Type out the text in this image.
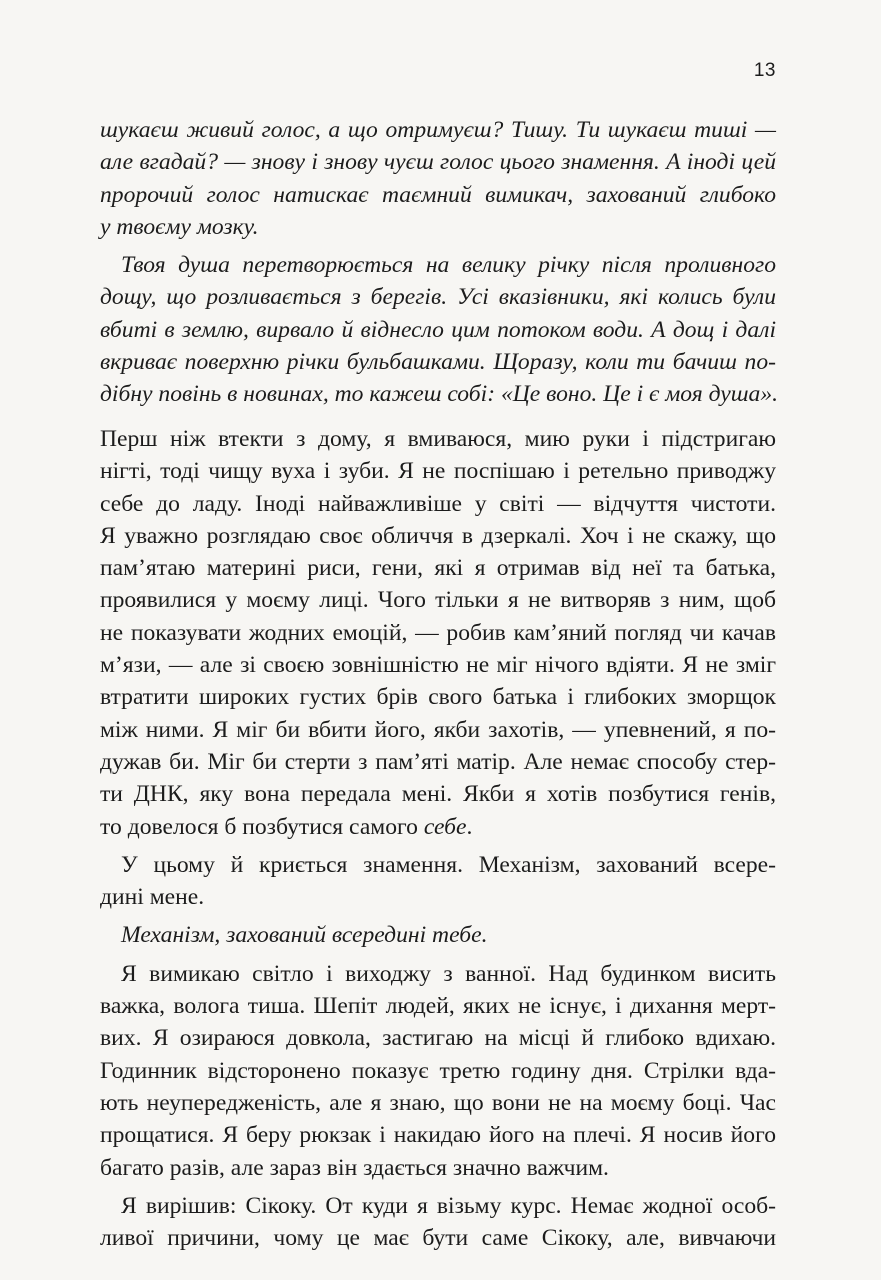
13

шукаєш живий голос, а що отримуєш? Тишу. Ти шукаєш тиші —
але вгадай? — знову і знову чуєш голос цього знамення. А іноді цей
пророчий голос натискає таємний вимикач, захований глибоко
у твоєму мозку.

Твоя душа перетворюється на велику річку після проливного
дощу, що розливається з берегів. Усі вказівники, які колись були
вбиті в землю, вирвало й віднесло цим потоком води. А дощ і далі
вкриває поверхню річки бульбашками. Щоразу, коли ти бачиш по-
дібну повінь в новинах, то кажеш собі: «Це воно. Це і є моя душа».

Перш ніж втекти з дому, я вмиваюся, мию руки і підстригаю
нігті, тоді чищу вуха і зуби. Я не поспішаю і ретельно приводжу
себе до ладу. Іноді найважливіше у світі — відчуття чистоти.
Я уважно розглядаю своє обличчя в дзеркалі. Хоч і не скажу, що
пам’ятаю материні риси, гени, які я отримав від неї та батька,
проявилися у моєму лиці. Чого тільки я не витворяв з ним, щоб
не показувати жодних емоцій, — робив кам’яний погляд чи качав
м’язи, — але зі своєю зовнішністю не міг нічого вдіяти. Я не зміг
втратити широких густих брів свого батька і глибоких зморщок
між ними. Я міг би вбити його, якби захотів, — упевнений, я по-
дужав би. Міг би стерти з пам’яті матір. Але немає способу стер-
ти ДНК, яку вона передала мені. Якби я хотів позбутися генів,
то довелося б позбутися самого себе.

У цьому й криється знамення. Механізм, захований всере-
дині мене.

Механізм, захований всередині тебе.

Я вимикаю світло і виходжу з ванної. Над будинком висить
важка, волога тиша. Шепіт людей, яких не існує, і дихання мерт-
вих. Я озираюся довкола, застигаю на місці й глибоко вдихаю.
Годинник відсторонено показує третю годину дня. Стрілки вда-
ють неупередженість, але я знаю, що вони не на моєму боці. Час
прощатися. Я беру рюкзак і накидаю його на плечі. Я носив його
багато разів, але зараз він здається значно важчим.

Я вирішив: Сікоку. От куди я візьму курс. Немає жодної особ-
ливої причини, чому це має бути саме Сікоку, але, вивчаючи
